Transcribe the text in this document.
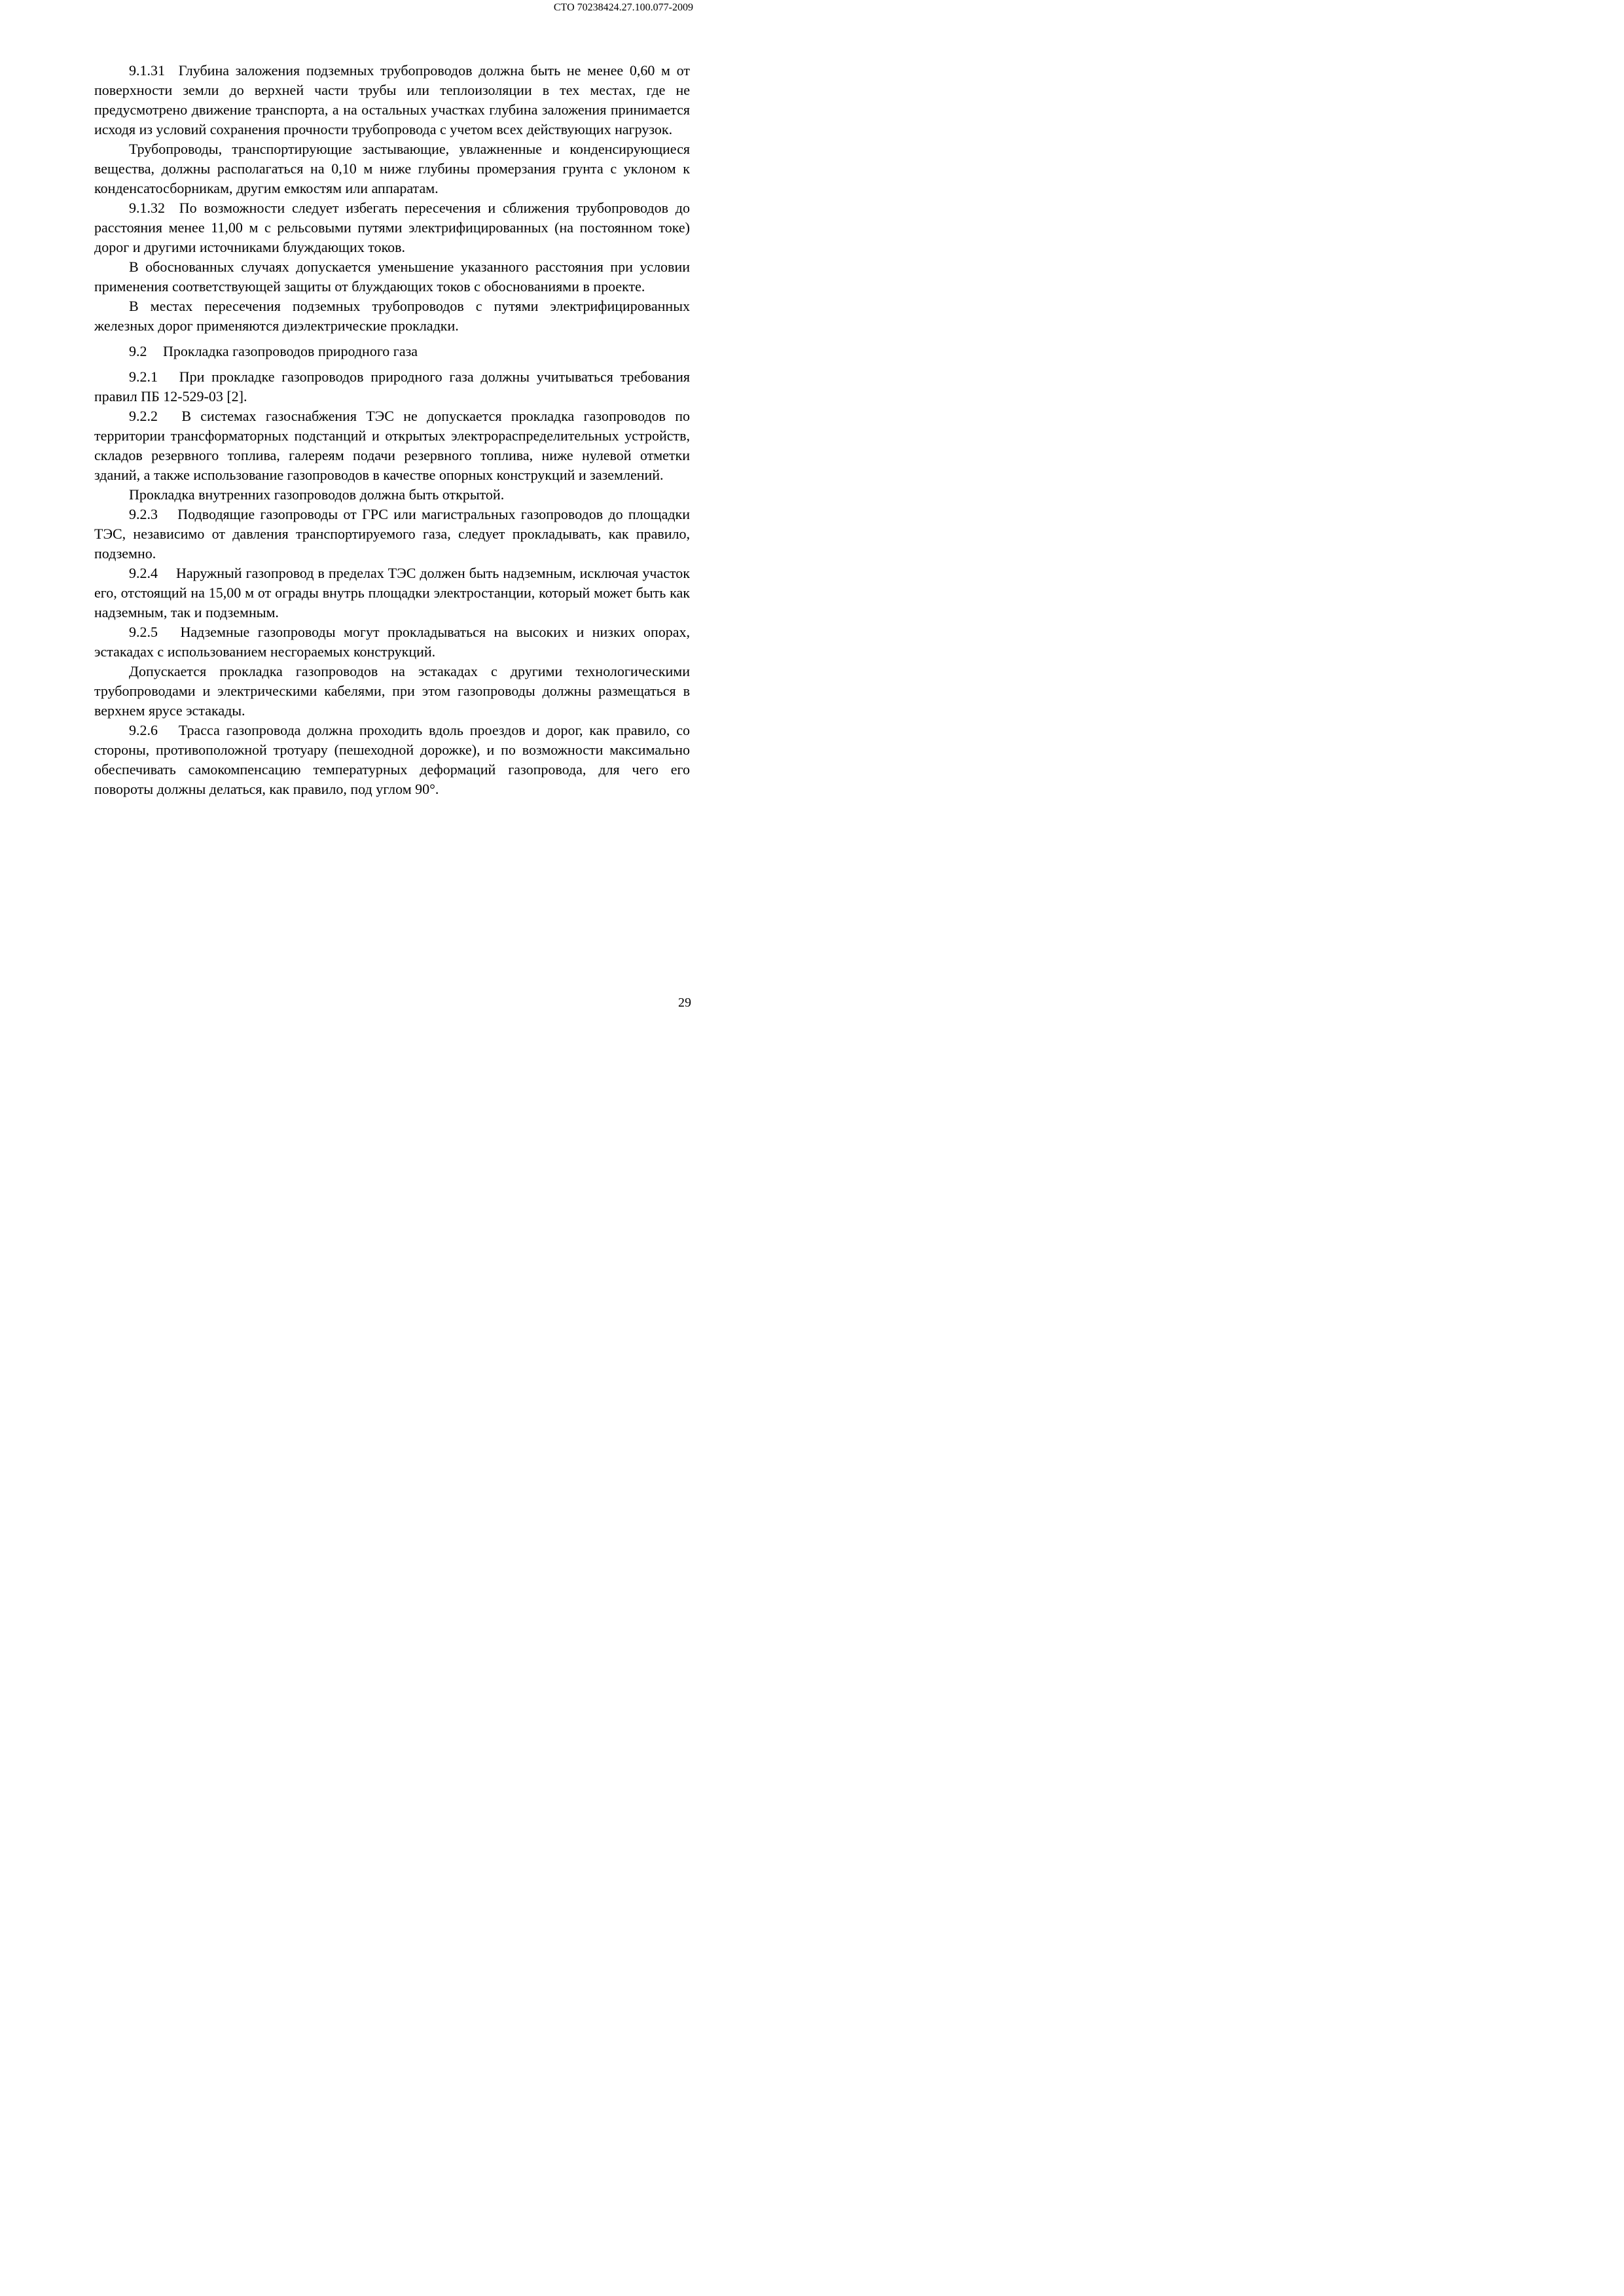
СТО 70238424.27.100.077-2009

9.1.31 Глубина заложения подземных трубопроводов должна быть не менее 0,60 м от поверхности земли до верхней части трубы или теплоизоляции в тех местах, где не предусмотрено движение транспорта, а на остальных участках глубина заложения принимается исходя из условий сохранения прочности трубопровода с учетом всех действующих нагрузок.

Трубопроводы, транспортирующие застывающие, увлажненные и конденсирующиеся вещества, должны располагаться на 0,10 м ниже глубины промерзания грунта с уклоном к конденсатосборникам, другим емкостям или аппаратам.

9.1.32 По возможности следует избегать пересечения и сближения трубопроводов до расстояния менее 11,00 м с рельсовыми путями электрифицированных (на постоянном токе) дорог и другими источниками блуждающих токов.

В обоснованных случаях допускается уменьшение указанного расстояния при условии применения соответствующей защиты от блуждающих токов с обоснованиями в проекте.

В местах пересечения подземных трубопроводов с путями электрифицированных железных дорог применяются диэлектрические прокладки.

9.2 Прокладка газопроводов природного газа

9.2.1 При прокладке газопроводов природного газа должны учитываться требования правил ПБ 12-529-03 [2].

9.2.2 В системах газоснабжения ТЭС не допускается прокладка газопроводов по территории трансформаторных подстанций и открытых электрораспределительных устройств, складов резервного топлива, галереям подачи резервного топлива, ниже нулевой отметки зданий, а также использование газопроводов в качестве опорных конструкций и заземлений.

Прокладка внутренних газопроводов должна быть открытой.

9.2.3 Подводящие газопроводы от ГРС или магистральных газопроводов до площадки ТЭС, независимо от давления транспортируемого газа, следует прокладывать, как правило, подземно.

9.2.4 Наружный газопровод в пределах ТЭС должен быть надземным, исключая участок его, отстоящий на 15,00 м от ограды внутрь площадки электростанции, который может быть как надземным, так и подземным.

9.2.5 Надземные газопроводы могут прокладываться на высоких и низких опорах, эстакадах с использованием несгораемых конструкций.

Допускается прокладка газопроводов на эстакадах с другими технологическими трубопроводами и электрическими кабелями, при этом газопроводы должны размещаться в верхнем ярусе эстакады.

9.2.6 Трасса газопровода должна проходить вдоль проездов и дорог, как правило, со стороны, противоположной тротуару (пешеходной дорожке), и по возможности максимально обеспечивать самокомпенсацию температурных деформаций газопровода, для чего его повороты должны делаться, как правило, под углом 90°.

29
